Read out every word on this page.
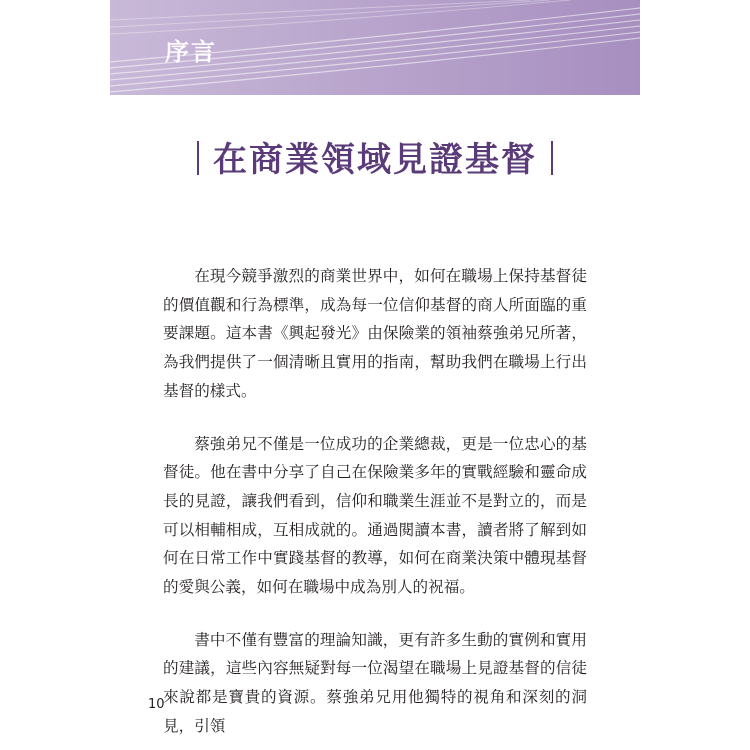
序言
在商業領域見證基督

在現今競爭激烈的商業世界中，如何在職場上保持基督徒的價值觀和行為標準，成為每一位信仰基督的商人所面臨的重要課題。這本書《興起發光》由保險業的領袖蔡強弟兄所著，為我們提供了一個清晰且實用的指南，幫助我們在職場上行出基督的樣式。

蔡強弟兄不僅是一位成功的企業總裁，更是一位忠心的基督徒。他在書中分享了自己在保險業多年的實戰經驗和靈命成長的見證，讓我們看到，信仰和職業生涯並不是對立的，而是可以相輔相成，互相成就的。通過閱讀本書，讀者將了解到如何在日常工作中實踐基督的教導，如何在商業決策中體現基督的愛與公義，如何在職場中成為別人的祝福。

書中不僅有豐富的理論知識，更有許多生動的實例和實用的建議，這些內容無疑對每一位渴望在職場上見證基督的信徒來說都是寶貴的資源。蔡強弟兄用他獨特的視角和深刻的洞見，引領

10
